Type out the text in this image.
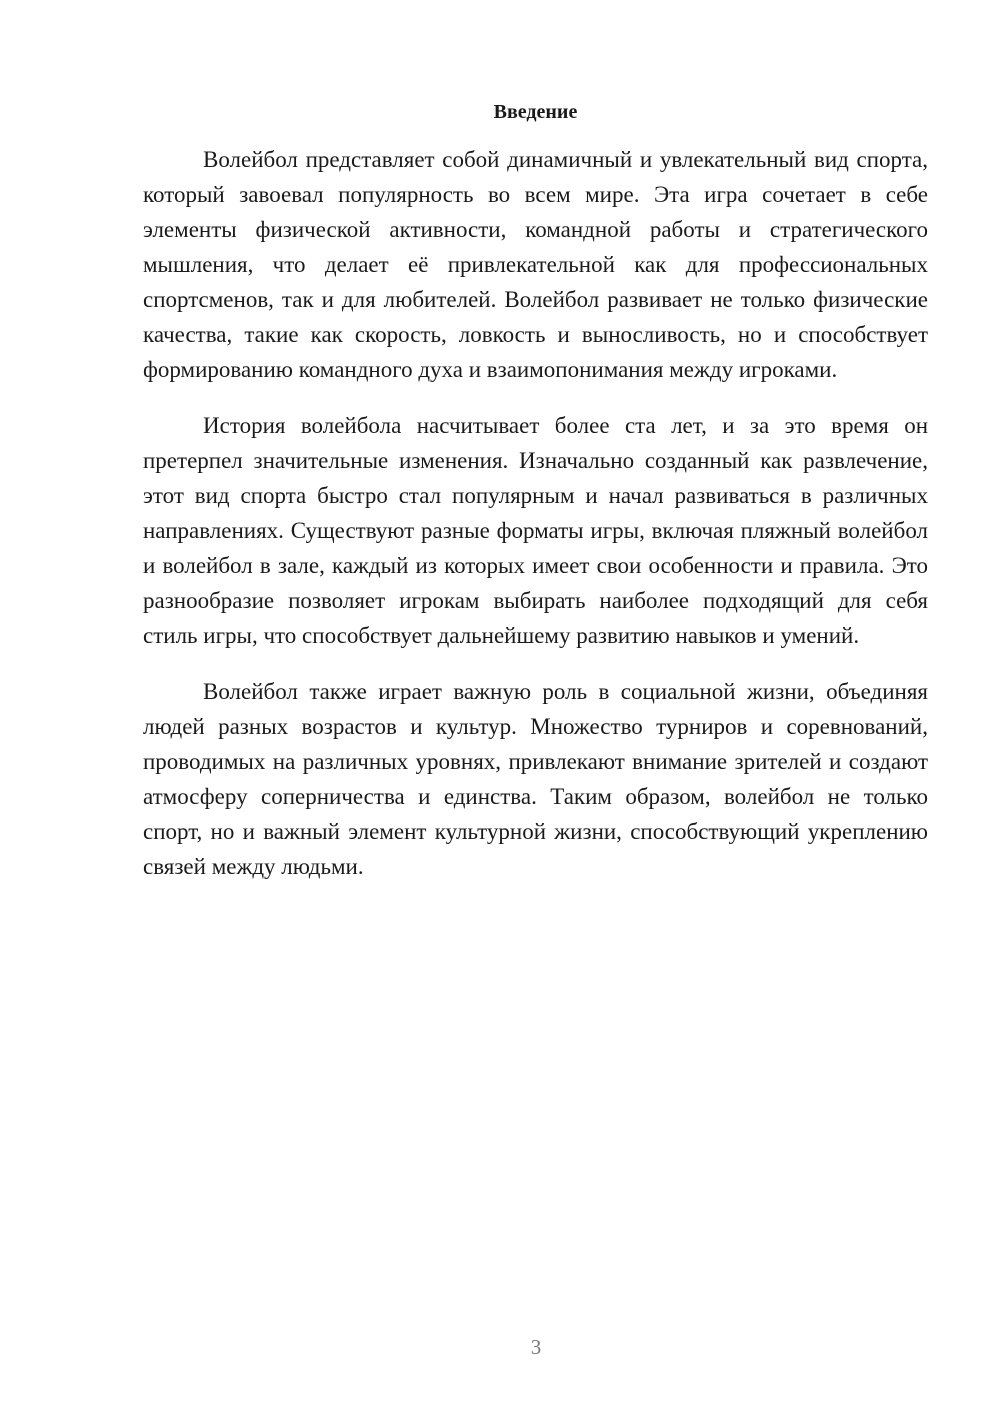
Введение

Волейбол представляет собой динамичный и увлекательный вид спорта, который завоевал популярность во всем мире. Эта игра сочетает в себе элементы физической активности, командной работы и стратегического мышления, что делает её привлекательной как для профессиональных спортсменов, так и для любителей. Волейбол развивает не только физические качества, такие как скорость, ловкость и выносливость, но и способствует формированию командного духа и взаимопонимания между игроками.

История волейбола насчитывает более ста лет, и за это время он претерпел значительные изменения. Изначально созданный как развлечение, этот вид спорта быстро стал популярным и начал развиваться в различных направлениях. Существуют разные форматы игры, включая пляжный волейбол и волейбол в зале, каждый из которых имеет свои особенности и правила. Это разнообразие позволяет игрокам выбирать наиболее подходящий для себя стиль игры, что способствует дальнейшему развитию навыков и умений.

Волейбол также играет важную роль в социальной жизни, объединяя людей разных возрастов и культур. Множество турниров и соревнований, проводимых на различных уровнях, привлекают внимание зрителей и создают атмосферу соперничества и единства. Таким образом, волейбол не только спорт, но и важный элемент культурной жизни, способствующий укреплению связей между людьми.

3
